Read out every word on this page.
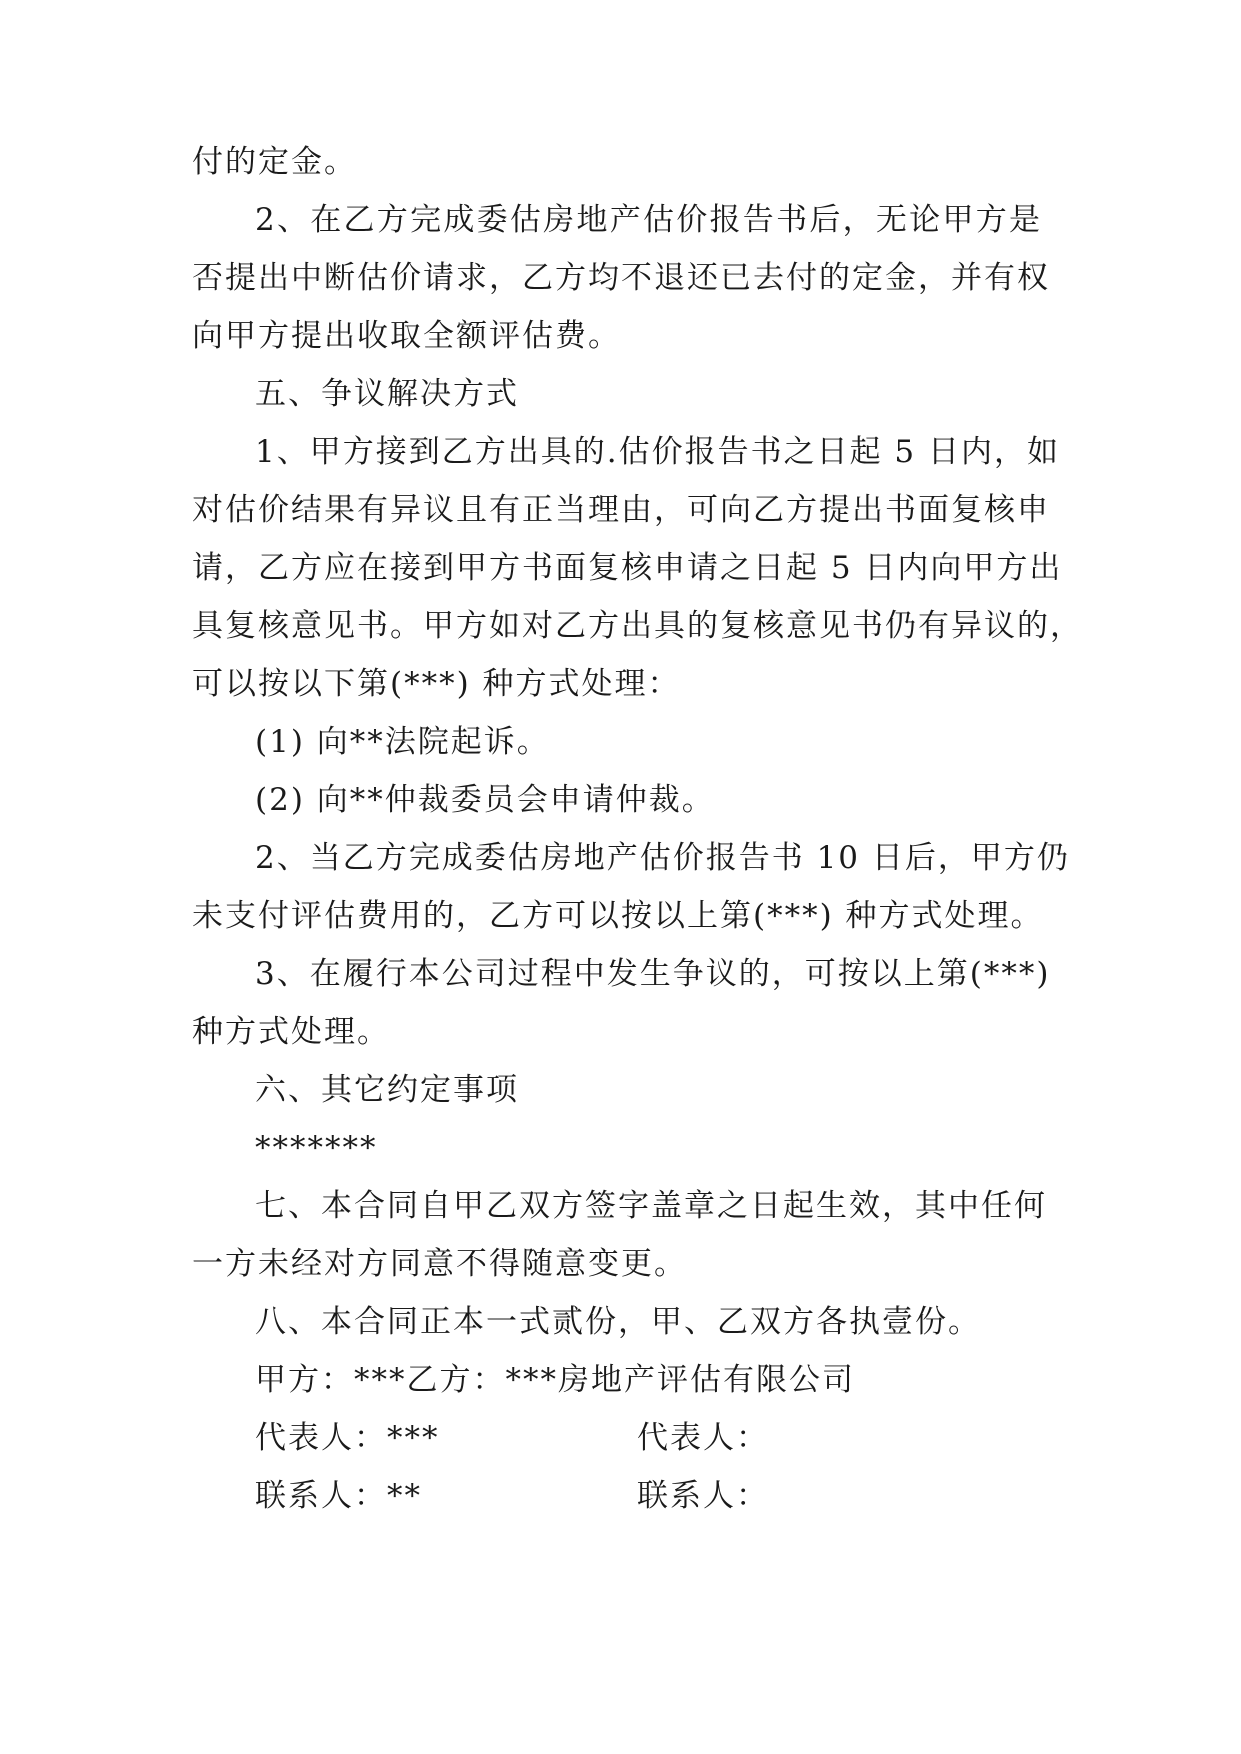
付的定金。
2、在乙方完成委估房地产估价报告书后，无论甲方是
否提出中断估价请求，乙方均不退还已去付的定金，并有权
向甲方提出收取全额评估费。
五、争议解决方式
1、甲方接到乙方出具的.估价报告书之日起 5 日内，如
对估价结果有异议且有正当理由，可向乙方提出书面复核申
请，乙方应在接到甲方书面复核申请之日起 5 日内向甲方出
具复核意见书。甲方如对乙方出具的复核意见书仍有异议的，
可以按以下第(***) 种方式处理：
(1) 向**法院起诉。
(2) 向**仲裁委员会申请仲裁。
2、当乙方完成委估房地产估价报告书 10 日后，甲方仍
未支付评估费用的，乙方可以按以上第(***) 种方式处理。
3、在履行本公司过程中发生争议的，可按以上第(***)
种方式处理。
六、其它约定事项
*******
七、本合同自甲乙双方签字盖章之日起生效，其中任何
一方未经对方同意不得随意变更。
八、本合同正本一式贰份，甲、乙双方各执壹份。
甲方：***乙方：***房地产评估有限公司
代表人：***	代表人：
联系人：**	联系人：
